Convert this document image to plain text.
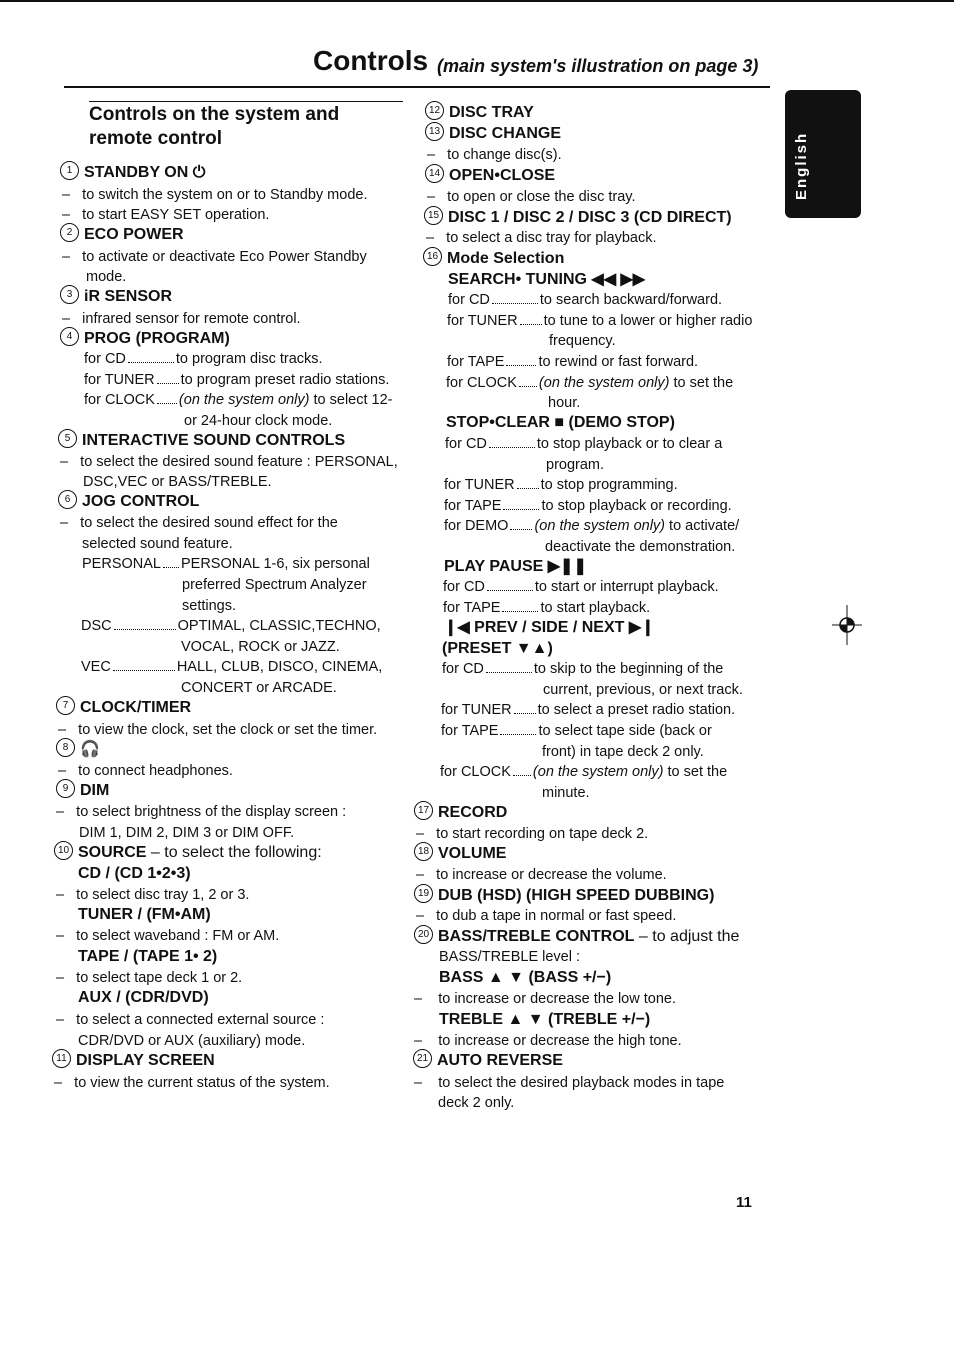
Controls (main system's illustration on page 3)
English
Controls on the system and remote control
1 STANDBY ON ⏻
– to switch the system on or to Standby mode.
– to start EASY SET operation.
2 ECO POWER
– to activate or deactivate Eco Power Standby
mode.
3 iR SENSOR
– infrared sensor for remote control.
4 PROG (PROGRAM)
for CD	to program disc tracks.
for TUNER to program preset radio stations.
for CLOCK (on the system only) to select 12-
or 24-hour clock mode.
5 INTERACTIVE SOUND CONTROLS
– to select the desired sound feature : PERSONAL,
DSC,VEC or BASS/TREBLE.
6 JOG CONTROL
– to select the desired sound effect for the
selected sound feature.
PERSONAL PERSONAL 1-6, six personal
preferred Spectrum Analyzer
settings.
DSC	OPTIMAL, CLASSIC,TECHNO,
VOCAL, ROCK or JAZZ.
VEC	HALL, CLUB, DISCO, CINEMA,
CONCERT or ARCADE.
7 CLOCK/TIMER
– to view the clock, set the clock or set the timer.
8 🎧
– to connect headphones.
9 DIM
– to select brightness of the display screen :
DIM 1, DIM 2, DIM 3 or DIM OFF.
10 SOURCE – to select the following:
CD / (CD 1•2•3)
– to select disc tray 1, 2 or 3.
TUNER / (FM•AM)
– to select waveband : FM or AM.
TAPE / (TAPE 1• 2)
– to select tape deck 1 or 2.
AUX / (CDR/DVD)
– to select a connected external source :
CDR/DVD or AUX (auxiliary) mode.
11 DISPLAY SCREEN
– to view the current status of the system.
12 DISC TRAY
13 DISC CHANGE
– to change disc(s).
14 OPEN•CLOSE
– to open or close the disc tray.
15 DISC 1 / DISC 2 / DISC 3 (CD DIRECT)
– to select a disc tray for playback.
16 Mode Selection
SEARCH• TUNING ◀◀ ▶▶
for CD	to search backward/forward.
for TUNER to tune to a lower or higher radio
frequency.
for TAPE to rewind or fast forward.
for CLOCK (on the system only) to set the
hour.
STOP•CLEAR ■ (DEMO STOP)
for CD	to stop playback or to clear a
program.
for TUNER to stop programming.
for TAPE	to stop playback or recording.
for DEMO (on the system only) to activate/
deactivate the demonstration.
PLAY PAUSE ▶❚❚
for CD	to start or interrupt playback.
for TAPE	to start playback.
❙◀ PREV / SIDE / NEXT ▶❙
(PRESET ▼▲)
for CD	to skip to the beginning of the
current, previous, or next track.
for TUNER to select a preset radio station.
for TAPE	to select tape side (back or
front) in tape deck 2 only.
for CLOCK (on the system only) to set the
minute.
17 RECORD
– to start recording on tape deck 2.
18 VOLUME
– to increase or decrease the volume.
19 DUB (HSD) (HIGH SPEED DUBBING)
– to dub a tape in normal or fast speed.
20 BASS/TREBLE CONTROL – to adjust the
BASS/TREBLE level :
BASS ▲ ▼ (BASS +/−)
– to increase or decrease the low tone.
TREBLE ▲ ▼ (TREBLE +/−)
– to increase or decrease the high tone.
21 AUTO REVERSE
– to select the desired playback modes in tape
deck 2 only.
11
